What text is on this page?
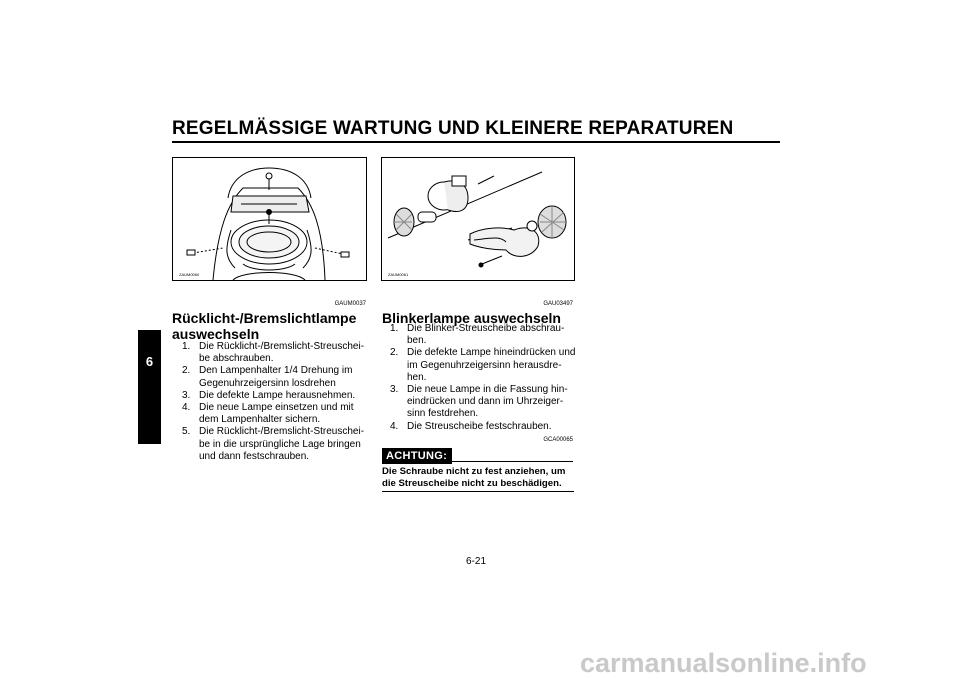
REGELMÄSSIGE WARTUNG UND KLEINERE REPARATUREN
6
ZAUM0060	ZAUM0061
GAUM0037
Rücklicht-/Bremslichtlampe
auswechseln
1. Die Rücklicht-/Bremslicht-Streuschei- be abschrauben.
2. Den Lampenhalter 1/4 Drehung im Gegenuhrzeigersinn losdrehen
3. Die defekte Lampe herausnehmen.
4. Die neue Lampe einsetzen und mit dem Lampenhalter sichern.
5. Die Rücklicht-/Bremslicht-Streuschei- be in die ursprüngliche Lage bringen und dann festschrauben.
GAU03497
Blinkerlampe auswechseln
1. Die Blinker-Streuscheibe abschrau- ben.
2. Die defekte Lampe hineindrücken und im Gegenuhrzeigersinn herausdre- hen.
3. Die neue Lampe in die Fassung hin- eindrücken und dann im Uhrzeiger- sinn festdrehen.
4. Die Streuscheibe festschrauben.
GCA00065
ACHTUNG:
Die Schraube nicht zu fest anziehen, um die Streuscheibe nicht zu beschädigen.
6-21
carmanualsonline.info
